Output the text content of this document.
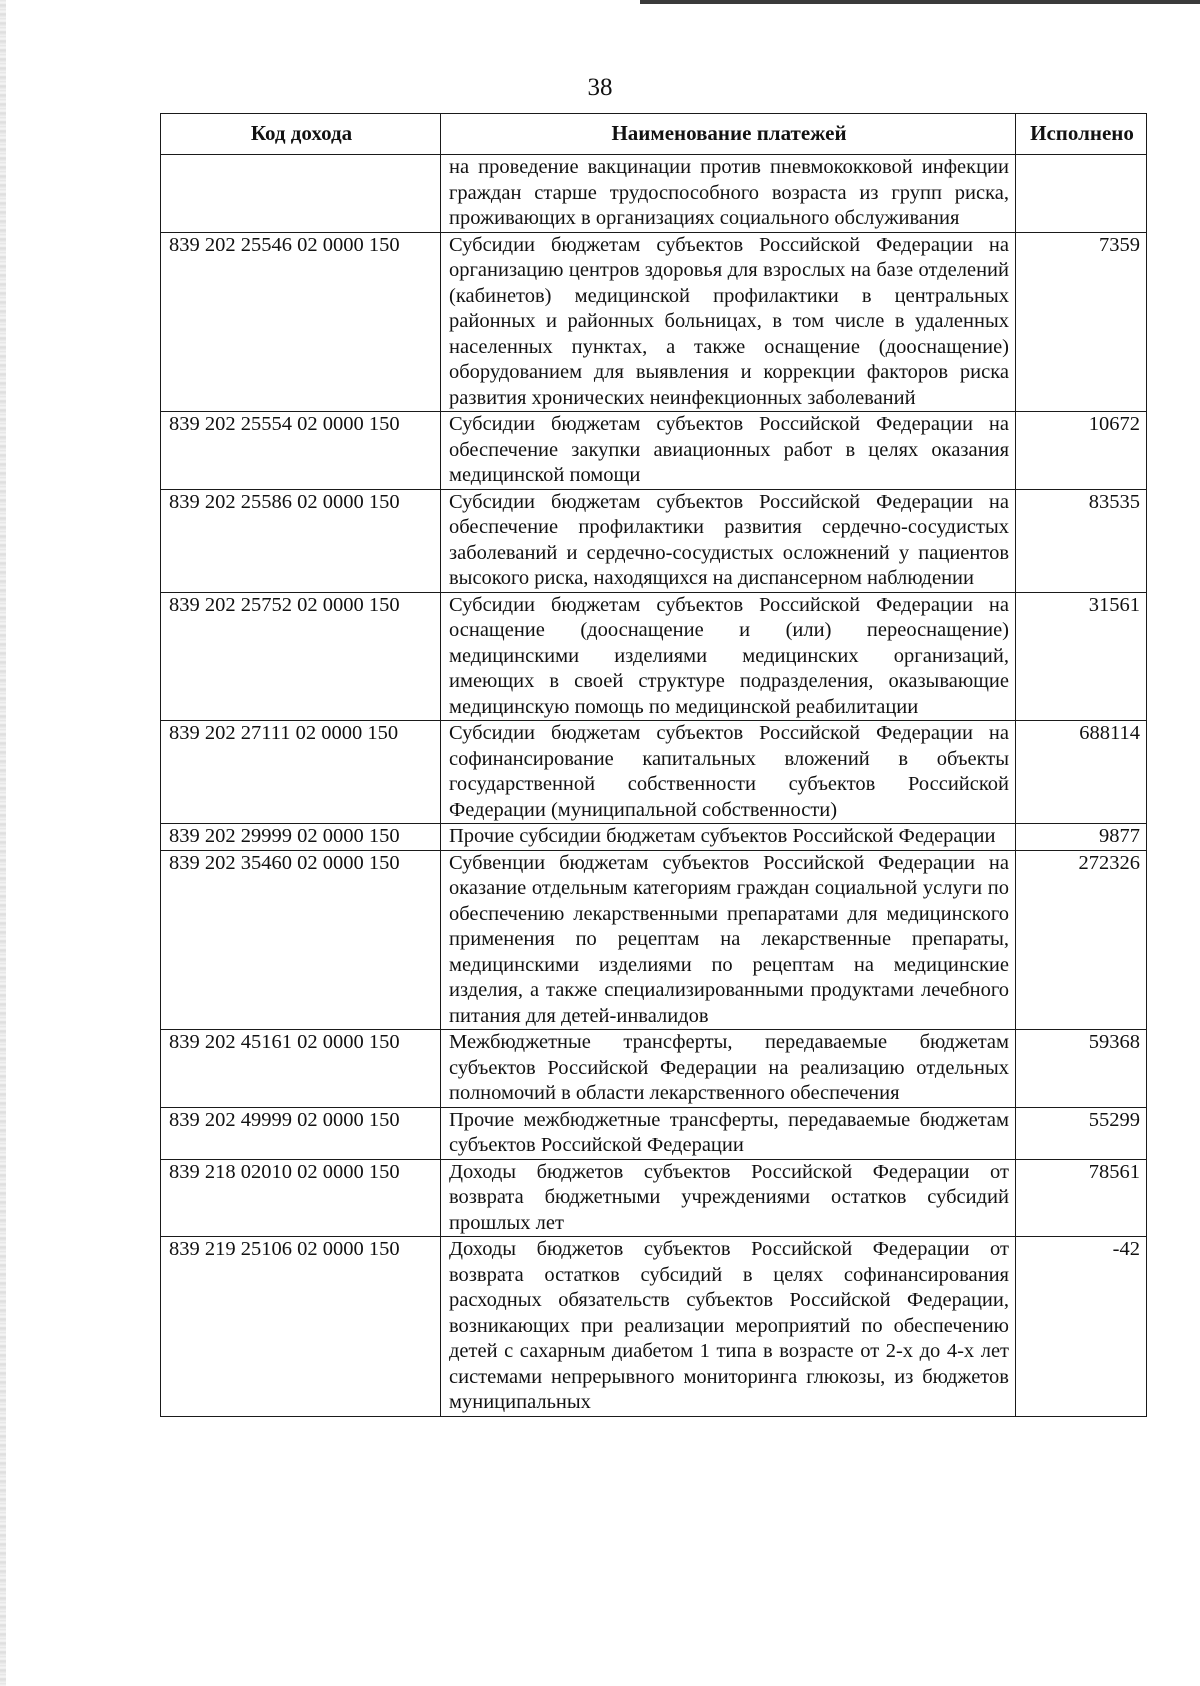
38
Код дохода	Наименование платежей	Исполнено
	на проведение вакцинации против пневмококковой инфекции граждан старше трудоспособного возраста из групп риска, проживающих в организациях социального обслуживания	
839 202 25546 02 0000 150	Субсидии бюджетам субъектов Российской Федерации на организацию центров здоровья для взрослых на базе отделений (кабинетов) медицинской профилактики в центральных районных и районных больницах, в том числе в удаленных населенных пунктах, а также оснащение (дооснащение) оборудованием для выявления и коррекции факторов риска развития хронических неинфекционных заболеваний	7359
839 202 25554 02 0000 150	Субсидии бюджетам субъектов Российской Федерации на обеспечение закупки авиационных работ в целях оказания медицинской помощи	10672
839 202 25586 02 0000 150	Субсидии бюджетам субъектов Российской Федерации на обеспечение профилактики развития сердечно-сосудистых заболеваний и сердечно-сосудистых осложнений у пациентов высокого риска, находящихся на диспансерном наблюдении	83535
839 202 25752 02 0000 150	Субсидии бюджетам субъектов Российской Федерации на оснащение (дооснащение и (или) переоснащение) медицинскими изделиями медицинских организаций, имеющих в своей структуре подразделения, оказывающие медицинскую помощь по медицинской реабилитации	31561
839 202 27111 02 0000 150	Субсидии бюджетам субъектов Российской Федерации на софинансирование капитальных вложений в объекты государственной собственности субъектов Российской Федерации (муниципальной собственности)	688114
839 202 29999 02 0000 150	Прочие субсидии бюджетам субъектов Российской Федерации	9877
839 202 35460 02 0000 150	Субвенции бюджетам субъектов Российской Федерации на оказание отдельным категориям граждан социальной услуги по обеспечению лекарственными препаратами для медицинского применения по рецептам на лекарственные препараты, медицинскими изделиями по рецептам на медицинские изделия, а также специализированными продуктами лечебного питания для детей-инвалидов	272326
839 202 45161 02 0000 150	Межбюджетные трансферты, передаваемые бюджетам субъектов Российской Федерации на реализацию отдельных полномочий в области лекарственного обеспечения	59368
839 202 49999 02 0000 150	Прочие межбюджетные трансферты, передаваемые бюджетам субъектов Российской Федерации	55299
839 218 02010 02 0000 150	Доходы бюджетов субъектов Российской Федерации от возврата бюджетными учреждениями остатков субсидий прошлых лет	78561
839 219 25106 02 0000 150	Доходы бюджетов субъектов Российской Федерации от возврата остатков субсидий в целях софинансирования расходных обязательств субъектов Российской Федерации, возникающих при реализации мероприятий по обеспечению детей с сахарным диабетом 1 типа в возрасте от 2-х до 4-х лет системами непрерывного мониторинга глюкозы, из бюджетов муниципальных	-42
